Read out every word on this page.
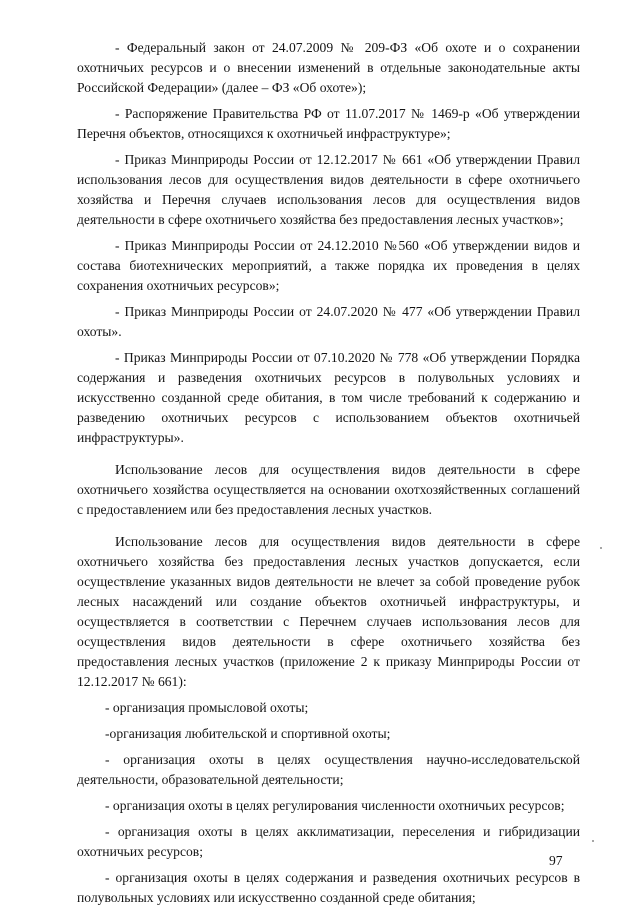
- Федеральный закон от 24.07.2009 № 209-ФЗ «Об охоте и о сохранении охотничьих ресурсов и о внесении изменений в отдельные законодательные акты Российской Федерации» (далее – ФЗ «Об охоте»);

- Распоряжение Правительства РФ от 11.07.2017 № 1469-р «Об утверждении Перечня объектов, относящихся к охотничьей инфраструктуре»;

- Приказ Минприроды России от 12.12.2017 № 661 «Об утверждении Правил использования лесов для осуществления видов деятельности в сфере охотничьего хозяйства и Перечня случаев использования лесов для осуществления видов деятельности в сфере охотничьего хозяйства без предоставления лесных участков»;

- Приказ Минприроды России от 24.12.2010 №560 «Об утверждении видов и состава биотехнических мероприятий, а также порядка их проведения в целях сохранения охотничьих ресурсов»;

- Приказ Минприроды России от 24.07.2020 № 477 «Об утверждении Правил охоты».

- Приказ Минприроды России от 07.10.2020 № 778 «Об утверждении Порядка содержания и разведения охотничьих ресурсов в полувольных условиях и искусственно созданной среде обитания, в том числе требований к содержанию и разведению охотничьих ресурсов с использованием объектов охотничьей инфраструктуры».

Использование лесов для осуществления видов деятельности в сфере охотничьего хозяйства осуществляется на основании охотхозяйственных соглашений с предоставлением или без предоставления лесных участков.

Использование лесов для осуществления видов деятельности в сфере охотничьего хозяйства без предоставления лесных участков допускается, если осуществление указанных видов деятельности не влечет за собой проведение рубок лесных насаждений или создание объектов охотничьей инфраструктуры, и осуществляется в соответствии с Перечнем случаев использования лесов для осуществления видов деятельности в сфере охотничьего хозяйства без предоставления лесных участков (приложение 2 к приказу Минприроды России от 12.12.2017 № 661):

- организация промысловой охоты;

-организация любительской и спортивной охоты;

- организация охоты в целях осуществления научно-исследовательской деятельности, образовательной деятельности;

- организация охоты в целях регулирования численности охотничьих ресурсов;

- организация охоты в целях акклиматизации, переселения и гибридизации охотничьих ресурсов;

- организация охоты в целях содержания и разведения охотничьих ресурсов в полувольных условиях или искусственно созданной среде обитания;

97
